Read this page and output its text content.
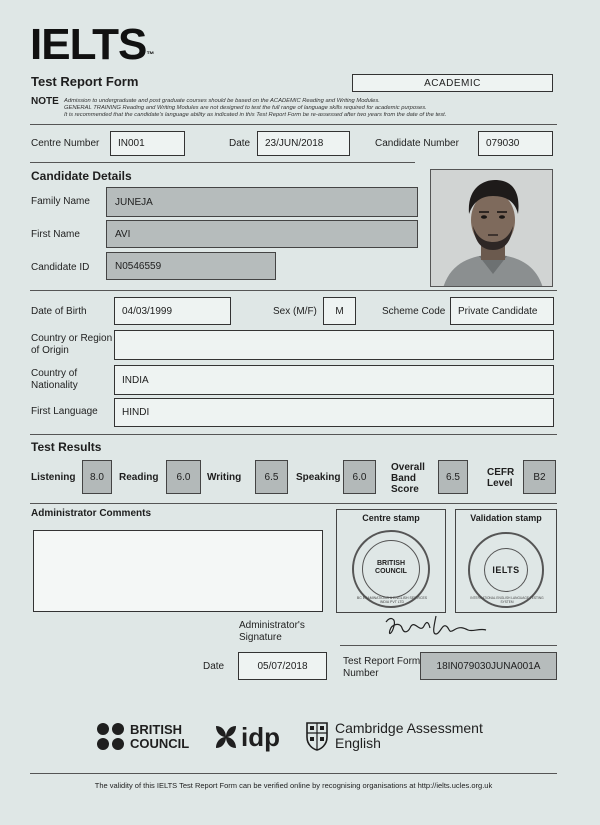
IELTS™
Test Report Form	ACADEMIC
NOTE Admission to undergraduate and post graduate courses should be based on the ACADEMIC Reading and Writing Modules.
GENERAL TRAINING Reading and Writing Modules are not designed to test the full range of language skills required for academic purposes.
It is recommended that the candidate's language ability as indicated in this Test Report Form be re-assessed after two years from the date of the test.
Centre Number	IN001	Date	23/JUN/2018	Candidate Number	079030
Candidate Details
Family Name	JUNEJA
First Name	AVI
Candidate ID	N0546559
Date of Birth	04/03/1999	Sex (M/F)	M	Scheme Code	Private Candidate
Country or Region
of Origin
Country of
Nationality	INDIA
First Language	HINDI
Test Results
Listening	8.0	Reading	6.0	Writing	6.5	Speaking	6.0
Overall
Band
Score
6.5	CEFR
Level
B2
Administrator Comments	Centre stamp
BRITISH
COUNCIL
BC EXAMINATIONS & ENGLISH SERVICES INDIA PVT LTD
Validation stamp
IELTS
INTERNATIONAL ENGLISH LANGUAGE TESTING SYSTEM
Administrator's
Signature
Date	05/07/2018	Test Report Form
Number
18IN079030JUNA001A
BRITISH
COUNCIL idp	Cambridge Assessment
English
The validity of this IELTS Test Report Form can be verified online by recognising organisations at http://ielts.ucles.org.uk
